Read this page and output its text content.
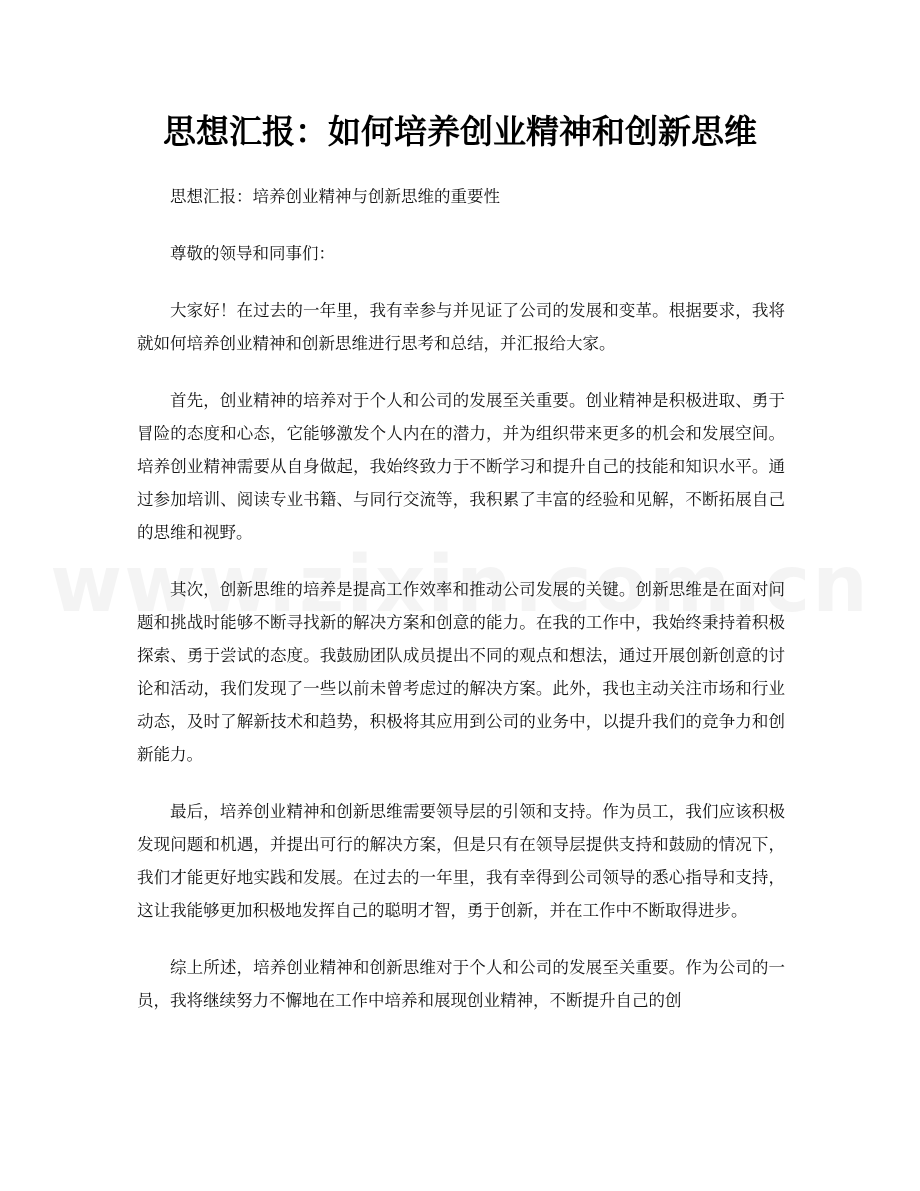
思想汇报：如何培养创业精神和创新思维

思想汇报：培养创业精神与创新思维的重要性

尊敬的领导和同事们：

大家好！在过去的一年里，我有幸参与并见证了公司的发展和变革。根据要求，我将就如何培养创业精神和创新思维进行思考和总结，并汇报给大家。

首先，创业精神的培养对于个人和公司的发展至关重要。创业精神是积极进取、勇于冒险的态度和心态，它能够激发个人内在的潜力，并为组织带来更多的机会和发展空间。培养创业精神需要从自身做起，我始终致力于不断学习和提升自己的技能和知识水平。通过参加培训、阅读专业书籍、与同行交流等，我积累了丰富的经验和见解，不断拓展自己的思维和视野。

其次，创新思维的培养是提高工作效率和推动公司发展的关键。创新思维是在面对问题和挑战时能够不断寻找新的解决方案和创意的能力。在我的工作中，我始终秉持着积极探索、勇于尝试的态度。我鼓励团队成员提出不同的观点和想法，通过开展创新创意的讨论和活动，我们发现了一些以前未曾考虑过的解决方案。此外，我也主动关注市场和行业动态，及时了解新技术和趋势，积极将其应用到公司的业务中，以提升我们的竞争力和创新能力。

最后，培养创业精神和创新思维需要领导层的引领和支持。作为员工，我们应该积极发现问题和机遇，并提出可行的解决方案，但是只有在领导层提供支持和鼓励的情况下，我们才能更好地实践和发展。在过去的一年里，我有幸得到公司领导的悉心指导和支持，这让我能够更加积极地发挥自己的聪明才智，勇于创新，并在工作中不断取得进步。

综上所述，培养创业精神和创新思维对于个人和公司的发展至关重要。作为公司的一员，我将继续努力不懈地在工作中培养和展现创业精神，不断提升自己的创
